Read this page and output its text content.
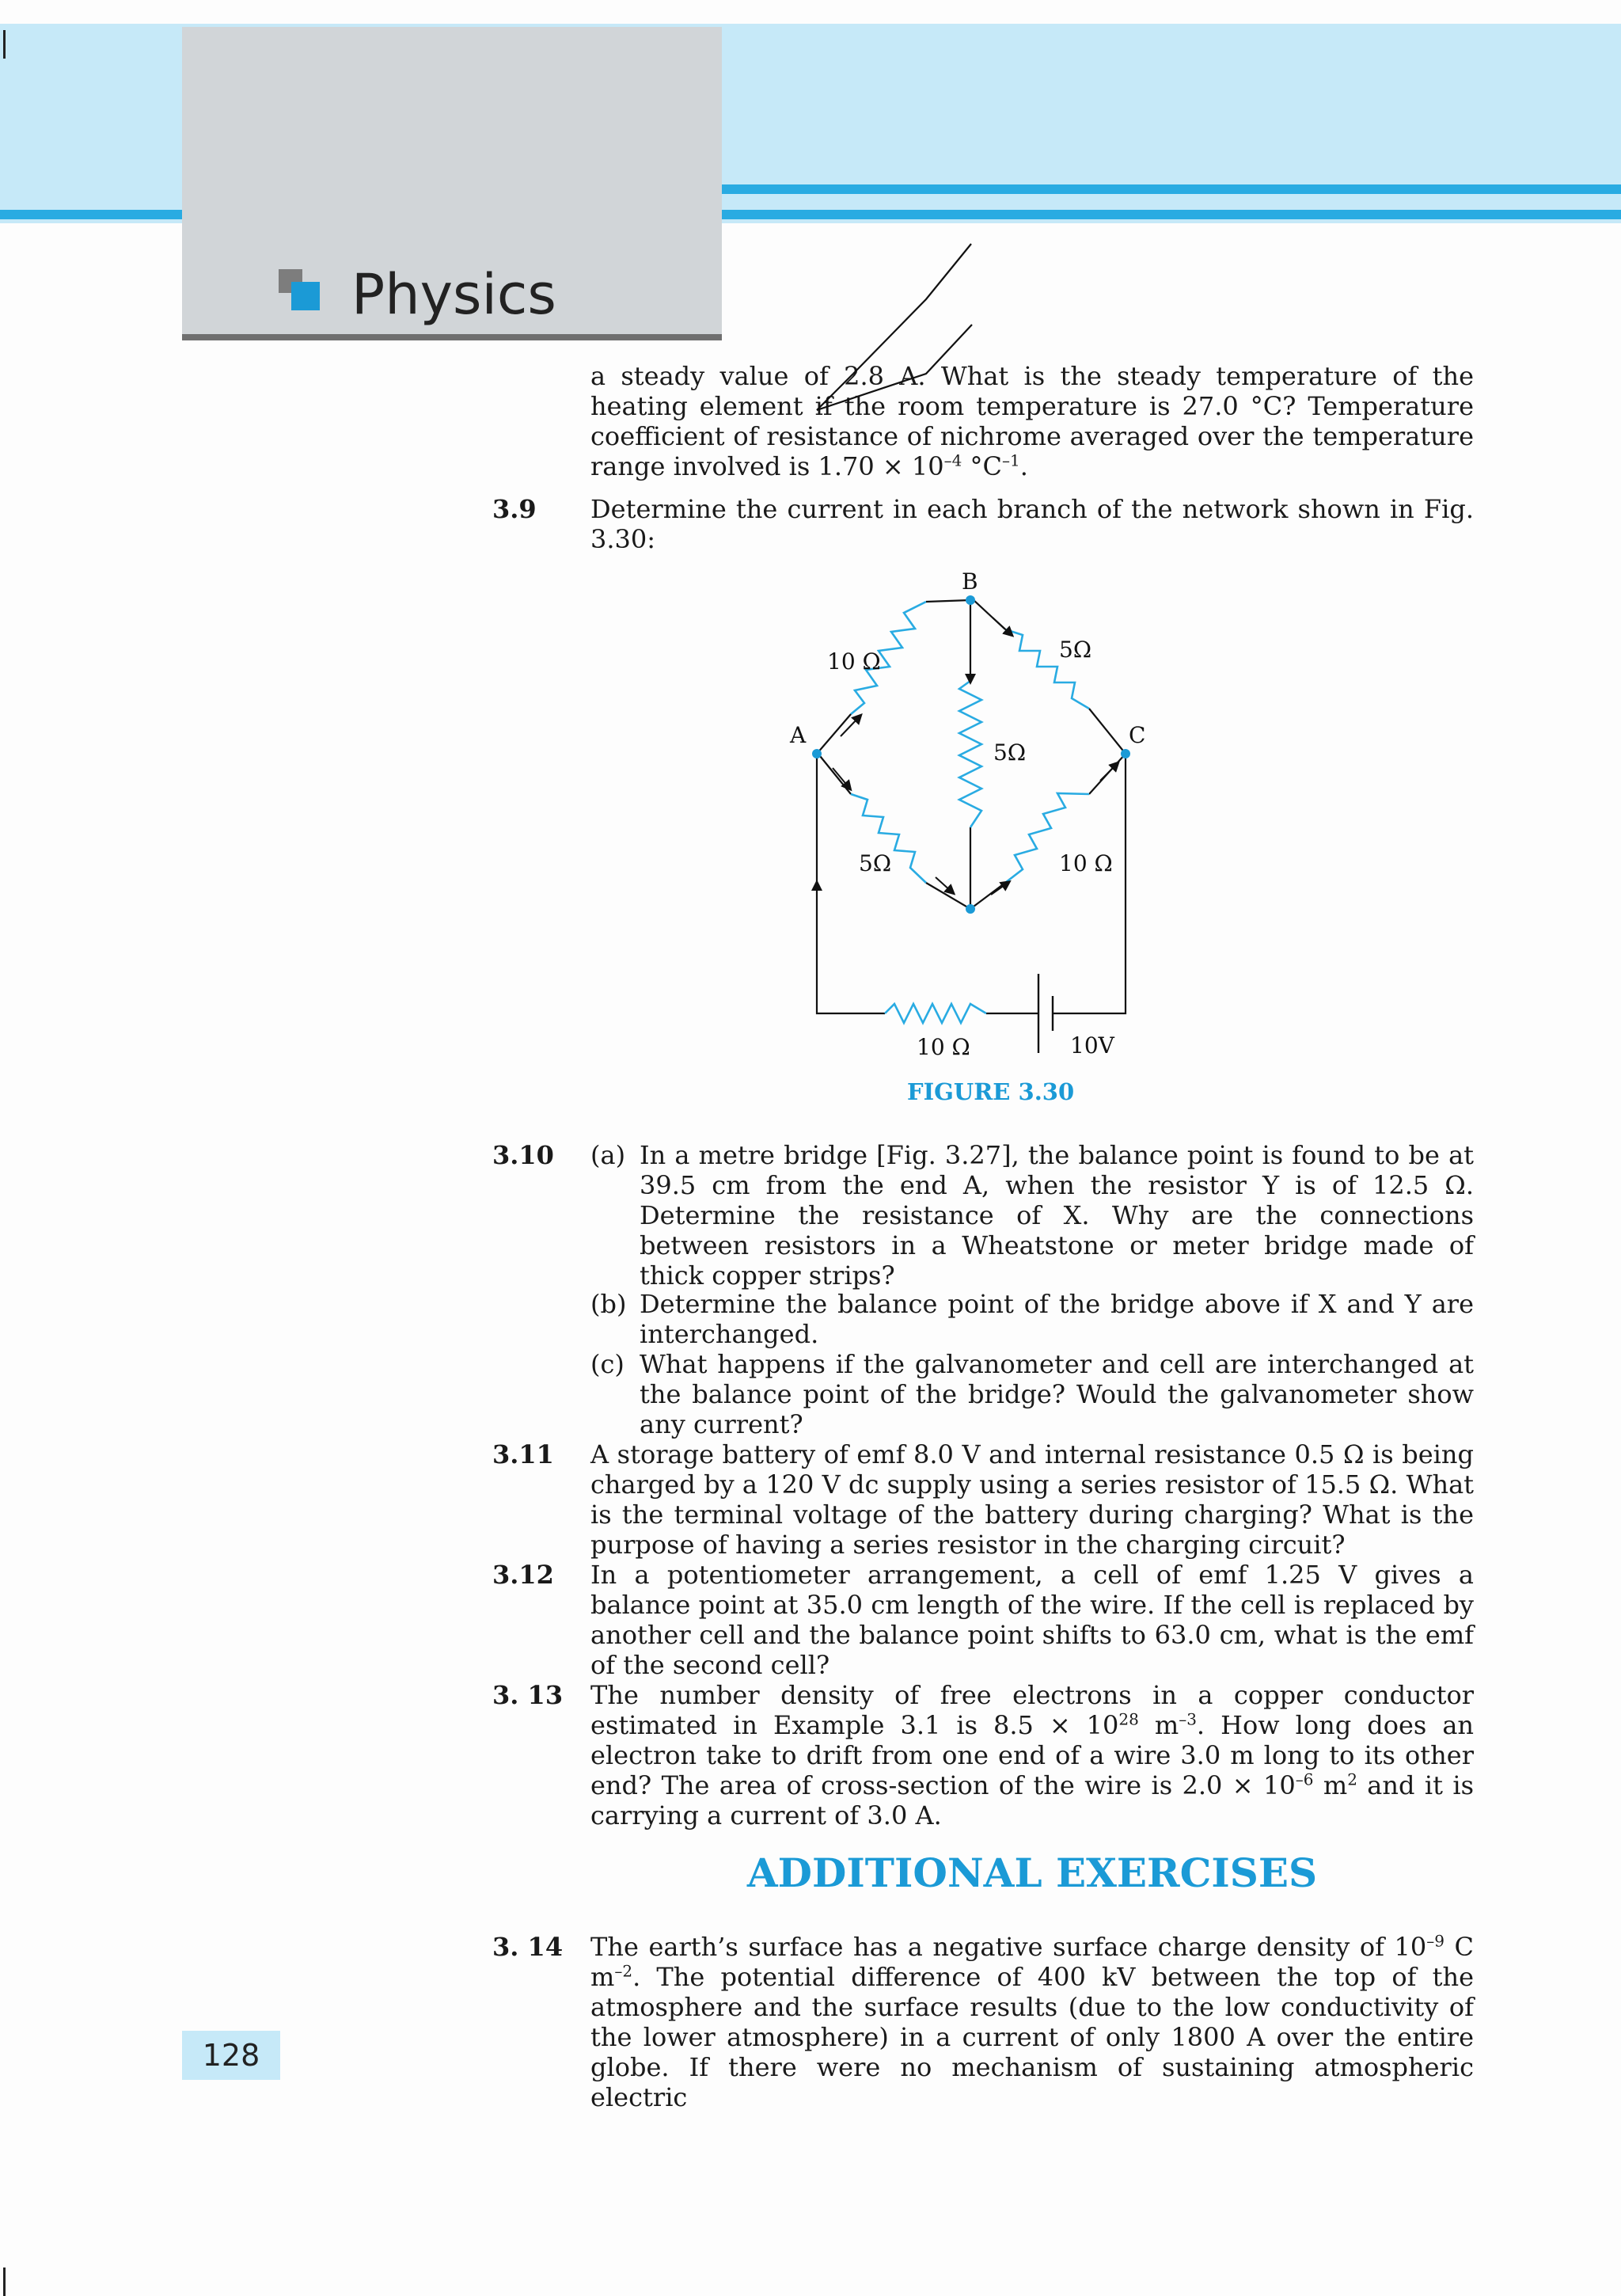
Physics
a steady value of 2.8 A. What is the steady temperature of the heating element if the room temperature is 27.0 °C? Temperature coefficient of resistance of nichrome averaged over the temperature range involved is $1.70 \times 10^{-4}$ $^\circ C^{-1}$.
3.9	Determine the current in each branch of the network shown in Fig. 3.30:
B
A	C
10 Ω	5Ω
5Ω
5Ω	10 Ω
10 Ω	10V
FIGURE 3.30
3.10	(a) In a metre bridge [Fig. 3.27], the balance point is found to be at 39.5 cm from the end A, when the resistor Y is of 12.5 Ω. Determine the resistance of X. Why are the connections between resistors in a Wheatstone or meter bridge made of thick copper strips?
(b) Determine the balance point of the bridge above if X and Y are interchanged.
(c) What happens if the galvanometer and cell are interchanged at the balance point of the bridge? Would the galvanometer show any current?
3.11	A storage battery of emf 8.0 V and internal resistance 0.5 Ω is being charged by a 120 V dc supply using a series resistor of 15.5 Ω. What is the terminal voltage of the battery during charging? What is the purpose of having a series resistor in the charging circuit?
3.12	In a potentiometer arrangement, a cell of emf 1.25 V gives a balance point at 35.0 cm length of the wire. If the cell is replaced by another cell and the balance point shifts to 63.0 cm, what is the emf of the second cell?
3. 13	The number density of free electrons in a copper conductor estimated in Example 3.1 is $8.5 \times 10^{28}$ $m^{-3}$. How long does an electron take to drift from one end of a wire 3.0 m long to its other end? The area of cross-section of the wire is $2.0 \times 10^{-6}$ $m^2$ and it is carrying a current of 3.0 A.
ADDITIONAL EXERCISES
3. 14	The earth’s surface has a negative surface charge density of $10^{-9}$ C $m^{-2}$. The potential difference of 400 kV between the top of the atmosphere and the surface results (due to the low conductivity of the lower atmosphere) in a current of only 1800 A over the entire globe. If there were no mechanism of sustaining atmospheric electric
128
